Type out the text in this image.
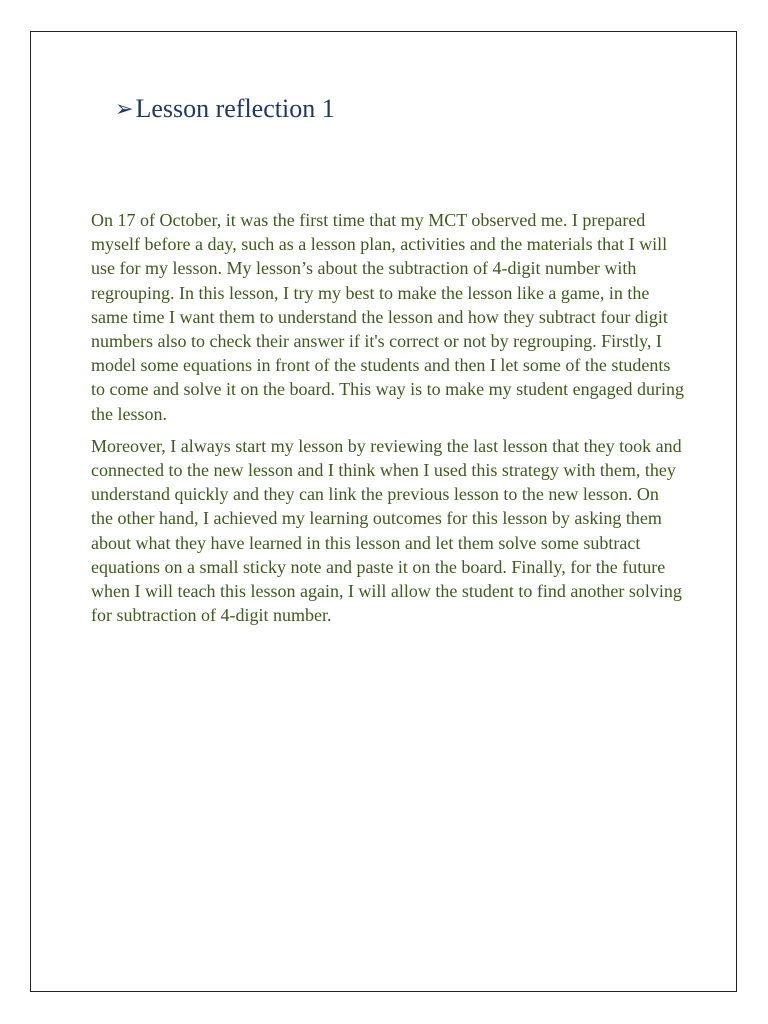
➢Lesson reflection 1

On 17 of October, it was the first time that my MCT observed me. I prepared myself before a day, such as a lesson plan, activities and the materials that I will use for my lesson. My lesson’s about the subtraction of 4-digit number with regrouping. In this lesson, I try my best to make the lesson like a game, in the same time I want them to understand the lesson and how they subtract four digit numbers also to check their answer if it's correct or not by regrouping. Firstly, I model some equations in front of the students and then I let some of the students to come and solve it on the board. This way is to make my student engaged during the lesson.

Moreover, I always start my lesson by reviewing the last lesson that they took and connected to the new lesson and I think when I used this strategy with them, they understand quickly and they can link the previous lesson to the new lesson. On the other hand, I achieved my learning outcomes for this lesson by asking them about what they have learned in this lesson and let them solve some subtract equations on a small sticky note and paste it on the board. Finally, for the future when I will teach this lesson again, I will allow the student to find another solving for subtraction of 4-digit number.
